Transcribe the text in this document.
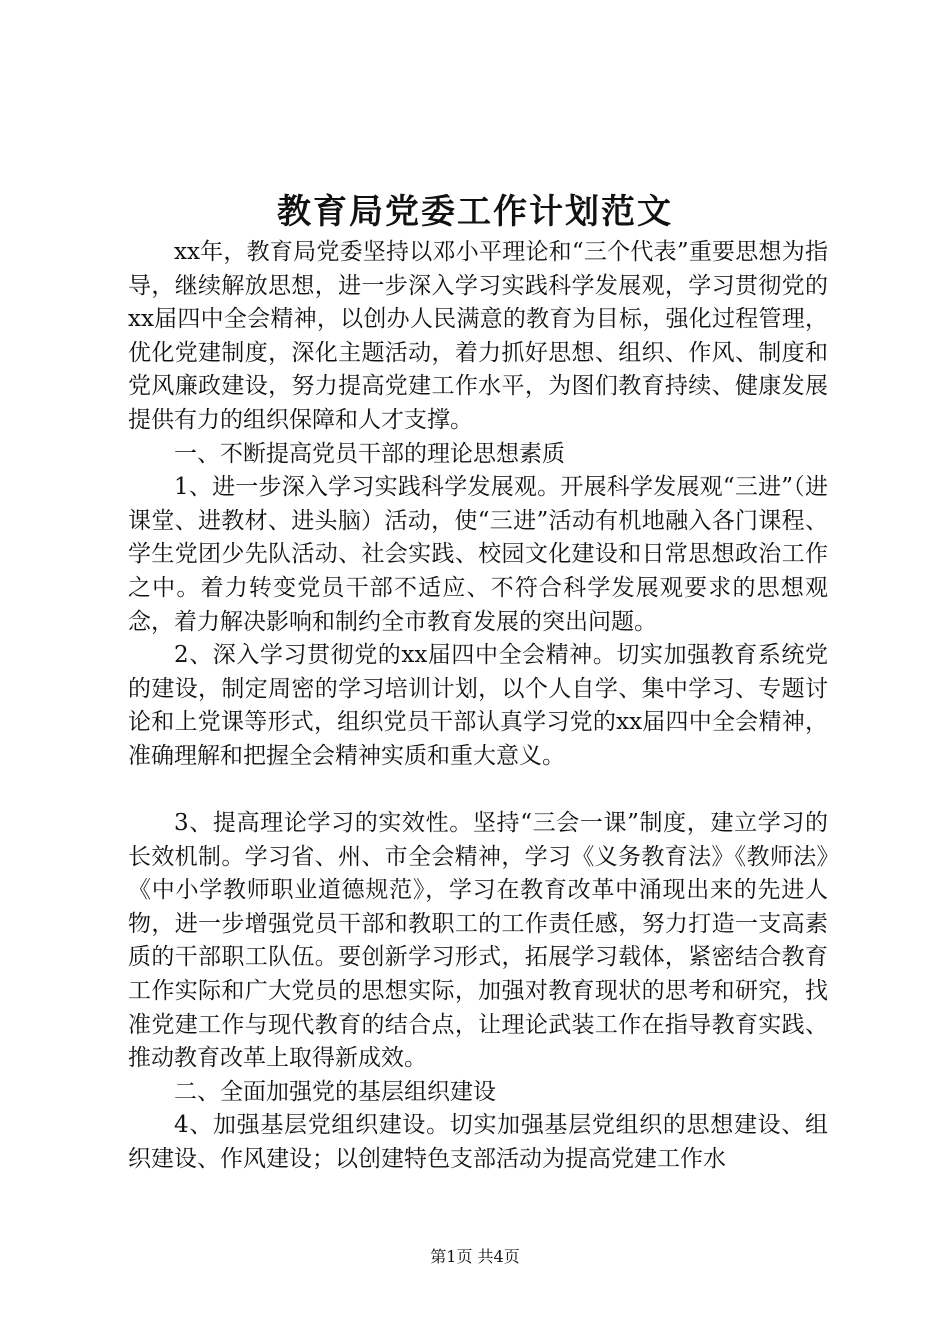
教育局党委工作计划范文

xx年，教育局党委坚持以邓小平理论和“三个代表”重要思想为指导，继续解放思想，进一步深入学习实践科学发展观，学习贯彻党的xx届四中全会精神，以创办人民满意的教育为目标，强化过程管理，优化党建制度，深化主题活动，着力抓好思想、组织、作风、制度和党风廉政建设，努力提高党建工作水平，为图们教育持续、健康发展提供有力的组织保障和人才支撑。

一、不断提高党员干部的理论思想素质

1、进一步深入学习实践科学发展观。开展科学发展观“三进”（进课堂、进教材、进头脑）活动，使“三进”活动有机地融入各门课程、学生党团少先队活动、社会实践、校园文化建设和日常思想政治工作之中。着力转变党员干部不适应、不符合科学发展观要求的思想观念，着力解决影响和制约全市教育发展的突出问题。

2、深入学习贯彻党的xx届四中全会精神。切实加强教育系统党的建设，制定周密的学习培训计划，以个人自学、集中学习、专题讨论和上党课等形式，组织党员干部认真学习党的xx届四中全会精神，准确理解和把握全会精神实质和重大意义。

3、提高理论学习的实效性。坚持“三会一课”制度，建立学习的长效机制。学习省、州、市全会精神，学习《义务教育法》《教师法》《中小学教师职业道德规范》，学习在教育改革中涌现出来的先进人物，进一步增强党员干部和教职工的工作责任感，努力打造一支高素质的干部职工队伍。要创新学习形式，拓展学习载体，紧密结合教育工作实际和广大党员的思想实际，加强对教育现状的思考和研究，找准党建工作与现代教育的结合点，让理论武装工作在指导教育实践、推动教育改革上取得新成效。

二、全面加强党的基层组织建设

4、加强基层党组织建设。切实加强基层党组织的思想建设、组织建设、作风建设；以创建特色支部活动为提高党建工作水

第1页 共4页
